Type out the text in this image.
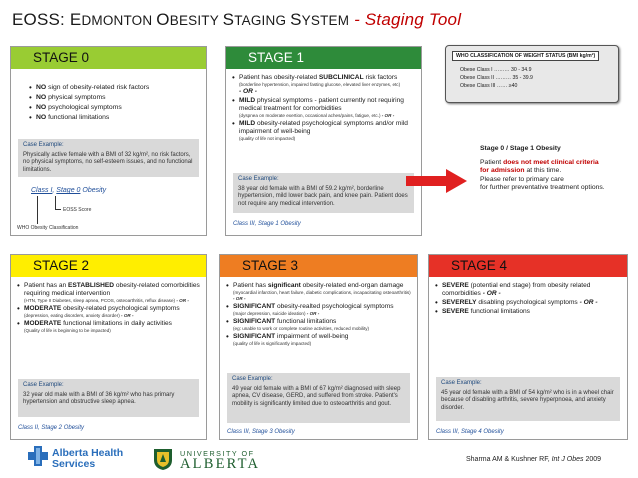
EOSS: EDMONTON OBESITY STAGING SYSTEM - Staging Tool
STAGE 0
• NO sign of obesity-related risk factors
• NO physical symptoms
• NO psychological symptoms
• NO functional limitations
Case Example:
Physically active female with a BMI of 32 kg/m², no risk factors, no physical symptoms, no self-esteem issues, and no functional limitations.
Class I, Stage 0 Obesity
EOSS Score
WHO Obesity Classification
STAGE 1
• Patient has obesity-related SUBCLINICAL risk factors
(borderline hypertension, impaired fasting glucose, elevated liver enzymes, etc)
- OR -
• MILD physical symptoms - patient currently not requiring medical treatment for comorbidities
(dyspnea on moderate exertion, occasional aches/pains, fatigue, etc.) - OR -
• MILD obesity-related psychological symptoms and/or mild impairment of well-being
(quality of life not impacted)
Case Example:
38 year old female with a BMI of 59.2 kg/m², borderline hypertension, mild lower back pain, and knee pain. Patient does not require any medical intervention.
Class III, Stage 1 Obesity
WHO CLASSIFICATION OF WEIGHT STATUS (BMI kg/m²)
Obese Class I ……… 30 - 34.9
Obese Class II ……… 35 - 39.9
Obese Class III …… ≥40
Stage 0 / Stage 1 Obesity
Patient does not meet clinical criteria
for admission at this time.
Please refer to primary care
for further preventative treatment options.
STAGE 2
• Patient has an ESTABLISHED obesity-related comorbidities requiring medical intervention
(HTN, Type II Diabetes, sleep apnea, PCOS, osteoarthritis, reflux disease) - OR -
• MODERATE obesity-related psychological symptoms
(depression, eating disorders, anxiety disorder) - OR -
• MODERATE functional limitations in daily activities
(Quality of life is beginning to be impacted)
Case Example:
32 year old male with a BMI of 36 kg/m² who has primary hypertension and obstructive sleep apnea.
Class II, Stage 2 Obesity
STAGE 3
• Patient has significant obesity-related end-organ damage
(myocardial infarction, heart failure, diabetic complications, incapacitating osteoarthritis) - OR -
• SIGNIFICANT obesity-realted psychological symptoms
(major depression, suicide ideation) - OR -
• SIGNIFICANT functional limitations
(eg: unable to work or complete routine activities, reduced mobility)
• SIGNIFICANT impairment of well-being
(quality of life is significantly impacted)
Case Example:
49 year old female with a BMI of 67 kg/m² diagnosed with sleep apnea, CV disease, GERD, and suffered from stroke. Patient's mobility is significantly limited due to osteoarthritis and gout.
Class III, Stage 3 Obesity
STAGE 4
• SEVERE (potential end stage) from obesity related comorbidities - OR -
• SEVERELY disabling psychological symptoms - OR -
• SEVERE functional limitations
Case Example:
45 year old female with a BMI of 54 kg/m² who is in a wheel chair because of disabling arthritis, severe hyperpnoea, and anxiety disorder.
Class III, Stage 4 Obesity
Alberta Health
Services
UNIVERSITY OF
ALBERTA	Sharma AM & Kushner RF, Int J Obes 2009
